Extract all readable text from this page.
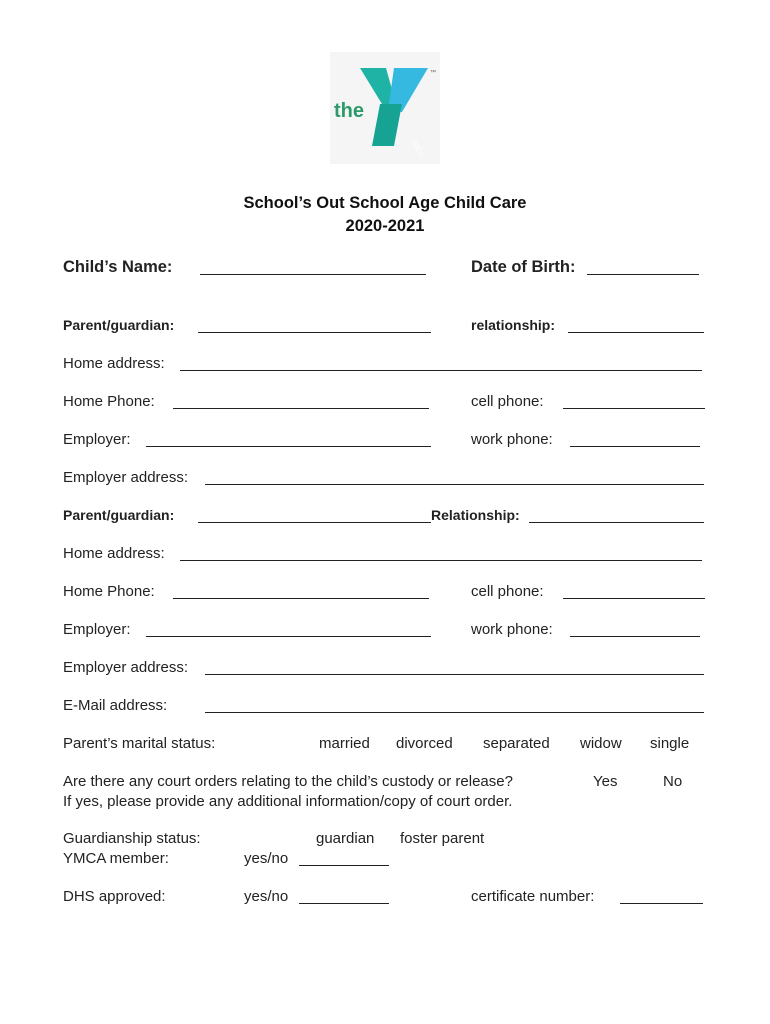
YMCA
™
the
School’s Out School Age Child Care
2020-2021
Child’s Name:	Date of Birth:
Parent/guardian:	relationship:
Home address:
Home Phone:	cell phone:
Employer:	work phone:
Employer address:
Parent/guardian:	Relationship:
Home address:
Home Phone:	cell phone:
Employer:	work phone:
Employer address:
E-Mail address:
Parent’s marital status:	married divorced separated widow single
Are there any court orders relating to the child’s custody or release?	Yes	No
If yes, please provide any additional information/copy of court order.
Guardianship status:	guardian foster parent
YMCA member:	yes/no
DHS approved:	yes/no	certificate number:
